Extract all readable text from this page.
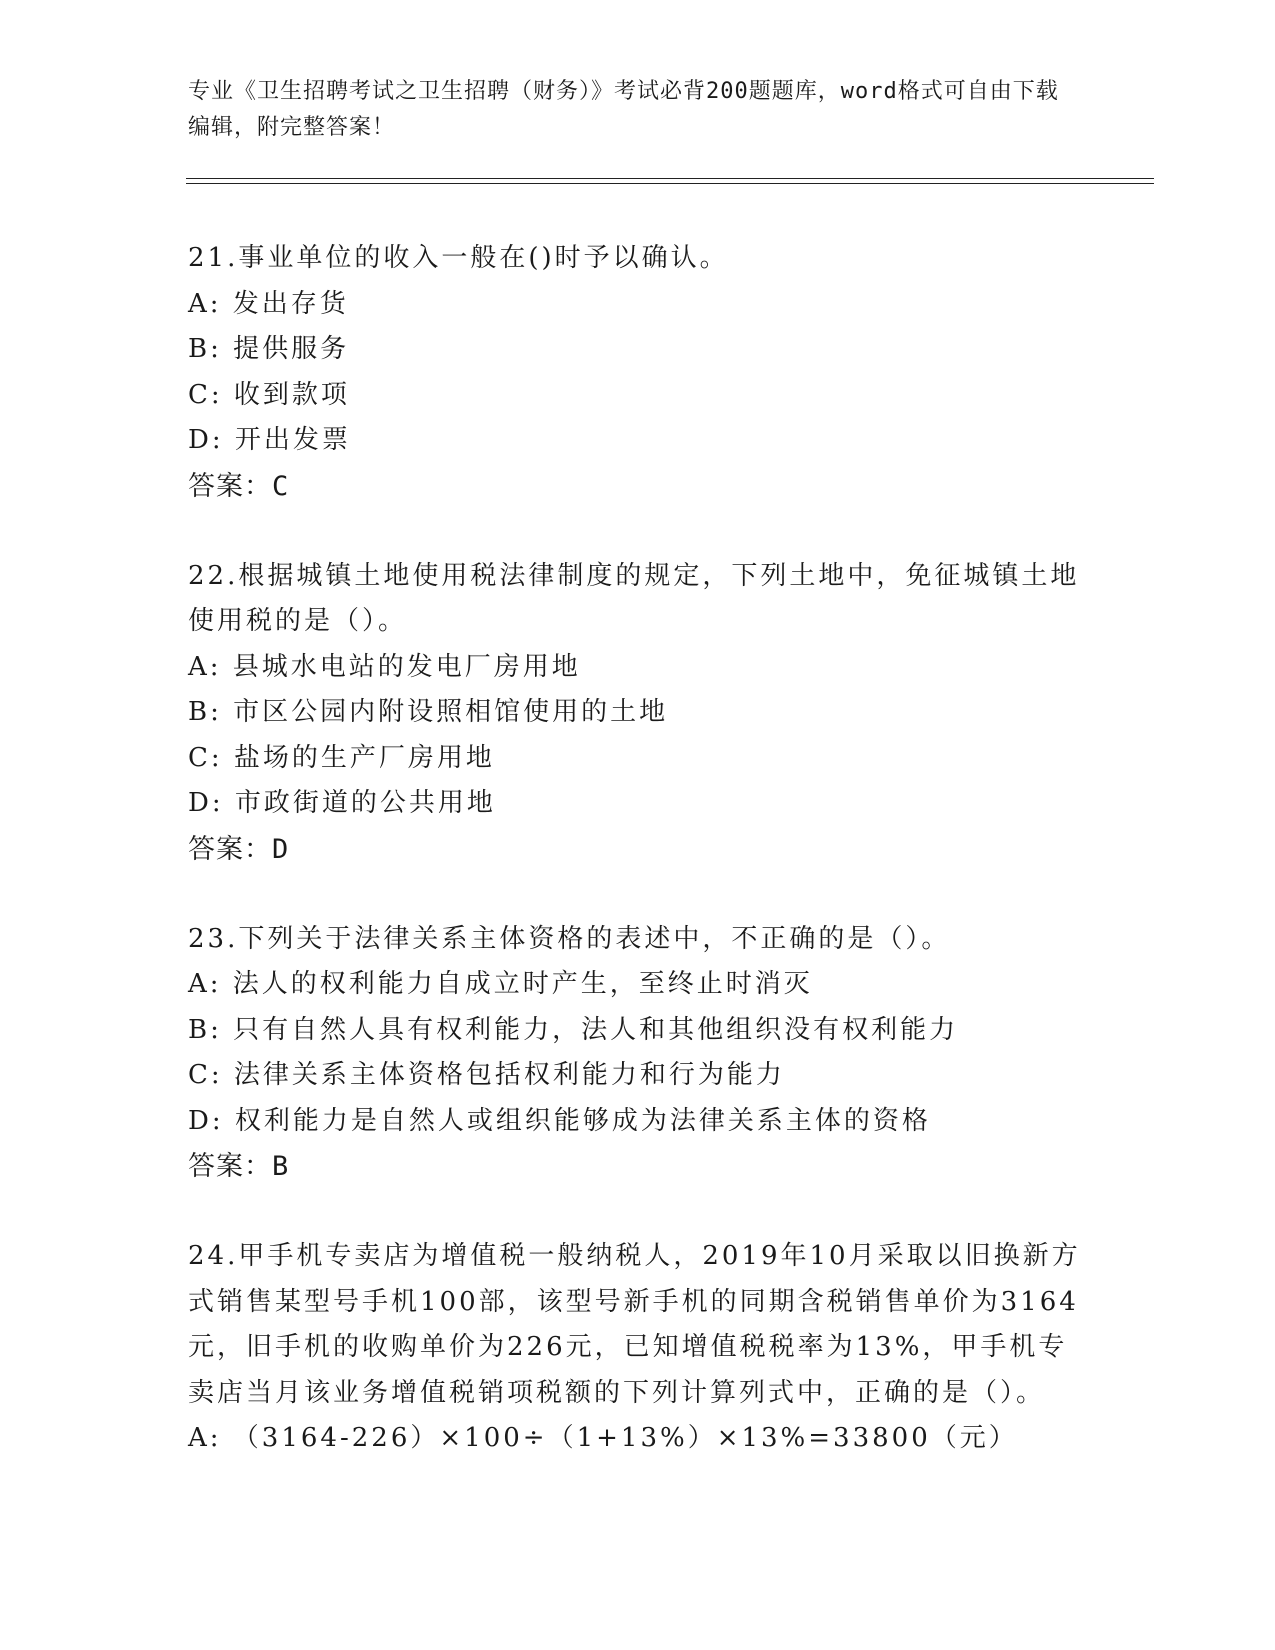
专业《卫生招聘考试之卫生招聘（财务）》考试必背200题题库，word格式可自由下载编辑，附完整答案！

21.事业单位的收入一般在()时予以确认。

A: 发出存货

B: 提供服务

C: 收到款项

D: 开出发票

答案：C

22.根据城镇土地使用税法律制度的规定，下列土地中，免征城镇土地使用税的是（）。

A: 县城水电站的发电厂房用地

B: 市区公园内附设照相馆使用的土地

C: 盐场的生产厂房用地

D: 市政街道的公共用地

答案：D

23.下列关于法律关系主体资格的表述中，不正确的是（）。

A: 法人的权利能力自成立时产生，至终止时消灭

B: 只有自然人具有权利能力，法人和其他组织没有权利能力

C: 法律关系主体资格包括权利能力和行为能力

D: 权利能力是自然人或组织能够成为法律关系主体的资格

答案：B

24.甲手机专卖店为增值税一般纳税人，2019年10月采取以旧换新方式销售某型号手机100部，该型号新手机的同期含税销售单价为3164元，旧手机的收购单价为226元，已知增值税税率为13%，甲手机专卖店当月该业务增值税销项税额的下列计算列式中，正确的是（）。

A: （3164-226）×100÷（1+13%）×13%=33800（元）
